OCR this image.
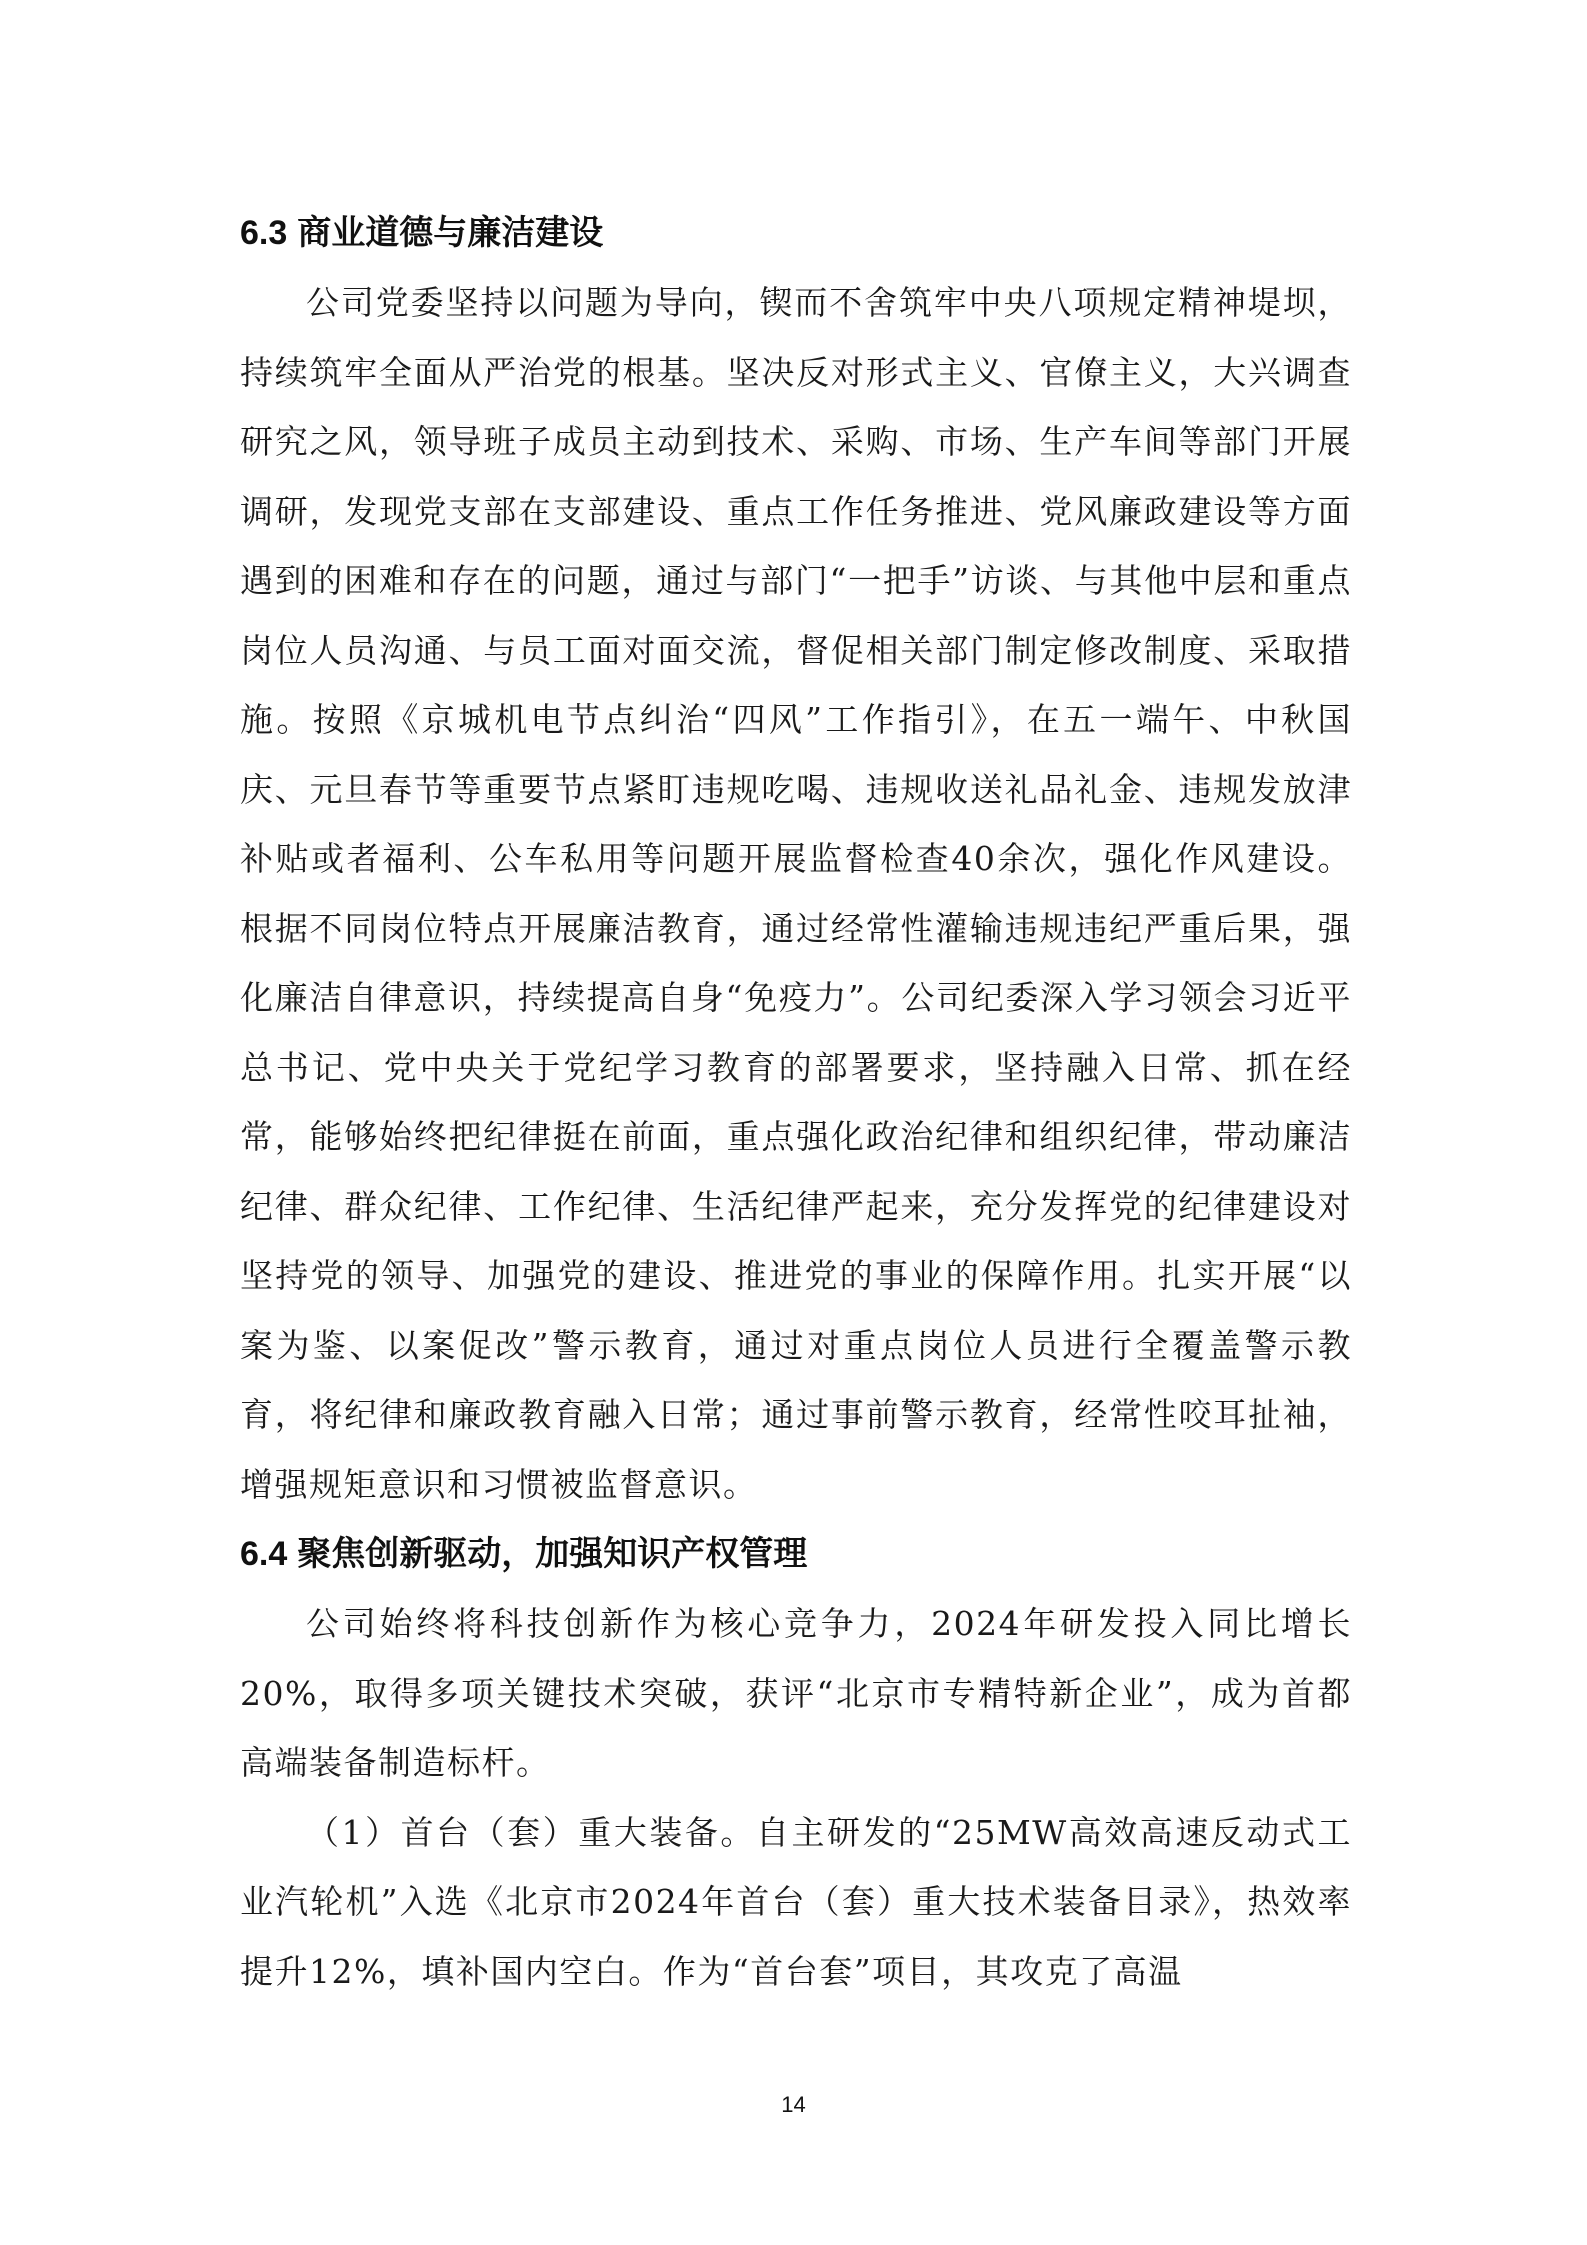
6.3 商业道德与廉洁建设

公司党委坚持以问题为导向，锲而不舍筑牢中央八项规定精神堤坝，持续筑牢全面从严治党的根基。坚决反对形式主义、官僚主义，大兴调查研究之风，领导班子成员主动到技术、采购、市场、生产车间等部门开展调研，发现党支部在支部建设、重点工作任务推进、党风廉政建设等方面遇到的困难和存在的问题，通过与部门“一把手”访谈、与其他中层和重点岗位人员沟通、与员工面对面交流，督促相关部门制定修改制度、采取措施。按照《京城机电节点纠治“四风”工作指引》，在五一端午、中秋国庆、元旦春节等重要节点紧盯违规吃喝、违规收送礼品礼金、违规发放津补贴或者福利、公车私用等问题开展监督检查40余次，强化作风建设。根据不同岗位特点开展廉洁教育，通过经常性灌输违规违纪严重后果，强化廉洁自律意识，持续提高自身“免疫力”。公司纪委深入学习领会习近平总书记、党中央关于党纪学习教育的部署要求，坚持融入日常、抓在经常，能够始终把纪律挺在前面，重点强化政治纪律和组织纪律，带动廉洁纪律、群众纪律、工作纪律、生活纪律严起来，充分发挥党的纪律建设对坚持党的领导、加强党的建设、推进党的事业的保障作用。扎实开展“以案为鉴、以案促改”警示教育，通过对重点岗位人员进行全覆盖警示教育，将纪律和廉政教育融入日常；通过事前警示教育，经常性咬耳扯袖，增强规矩意识和习惯被监督意识。

6.4 聚焦创新驱动，加强知识产权管理

公司始终将科技创新作为核心竞争力，2024年研发投入同比增长20%，取得多项关键技术突破，获评“北京市专精特新企业”，成为首都高端装备制造标杆。

（1）首台（套）重大装备。自主研发的“25MW高效高速反动式工业汽轮机”入选《北京市2024年首台（套）重大技术装备目录》，热效率提升12%，填补国内空白。作为“首台套”项目，其攻克了高温

14
